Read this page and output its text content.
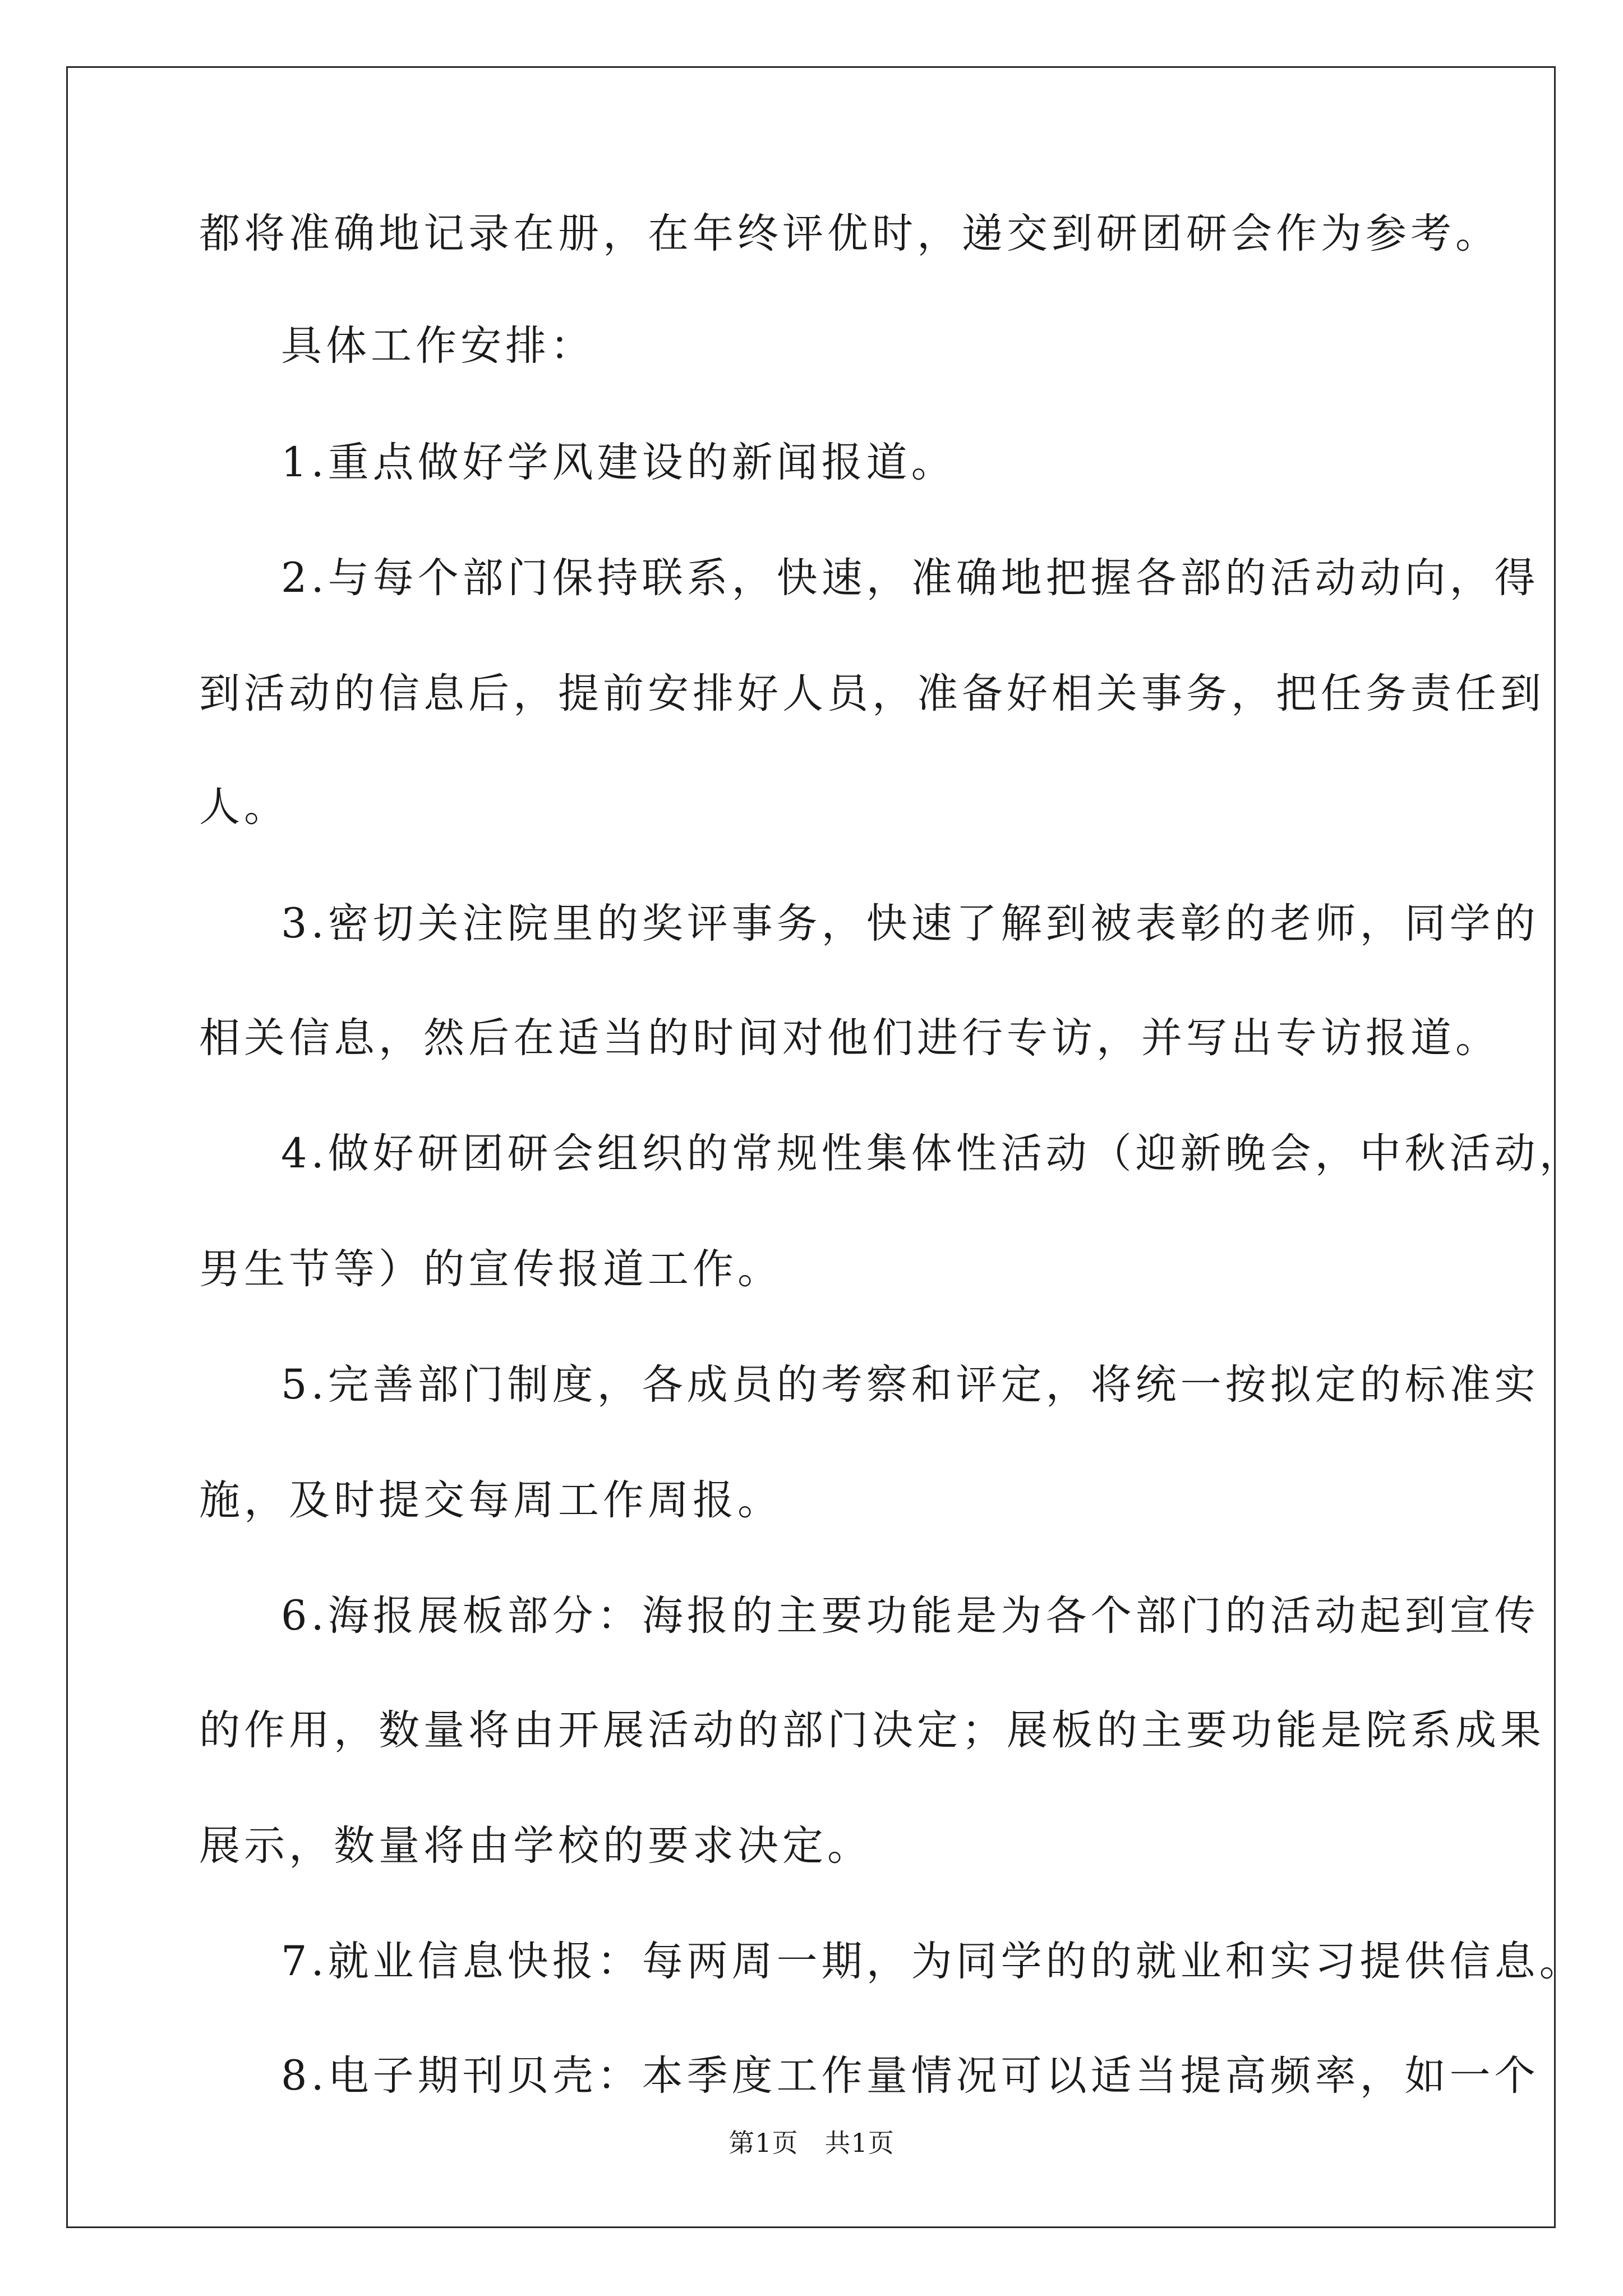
都将准确地记录在册，在年终评优时，递交到研团研会作为参考。
具体工作安排：
1.重点做好学风建设的新闻报道。
2.与每个部门保持联系，快速，准确地把握各部的活动动向，得
到活动的信息后，提前安排好人员，准备好相关事务，把任务责任到
人。
3.密切关注院里的奖评事务，快速了解到被表彰的老师，同学的
相关信息，然后在适当的时间对他们进行专访，并写出专访报道。
4.做好研团研会组织的常规性集体性活动（迎新晚会，中秋活动，
男生节等）的宣传报道工作。
5.完善部门制度，各成员的考察和评定，将统一按拟定的标准实
施，及时提交每周工作周报。
6.海报展板部分：海报的主要功能是为各个部门的活动起到宣传
的作用，数量将由开展活动的部门决定；展板的主要功能是院系成果
展示，数量将由学校的要求决定。
7.就业信息快报：每两周一期，为同学的的就业和实习提供信息。
8.电子期刊贝壳：本季度工作量情况可以适当提高频率，如一个
第1页　共1页
